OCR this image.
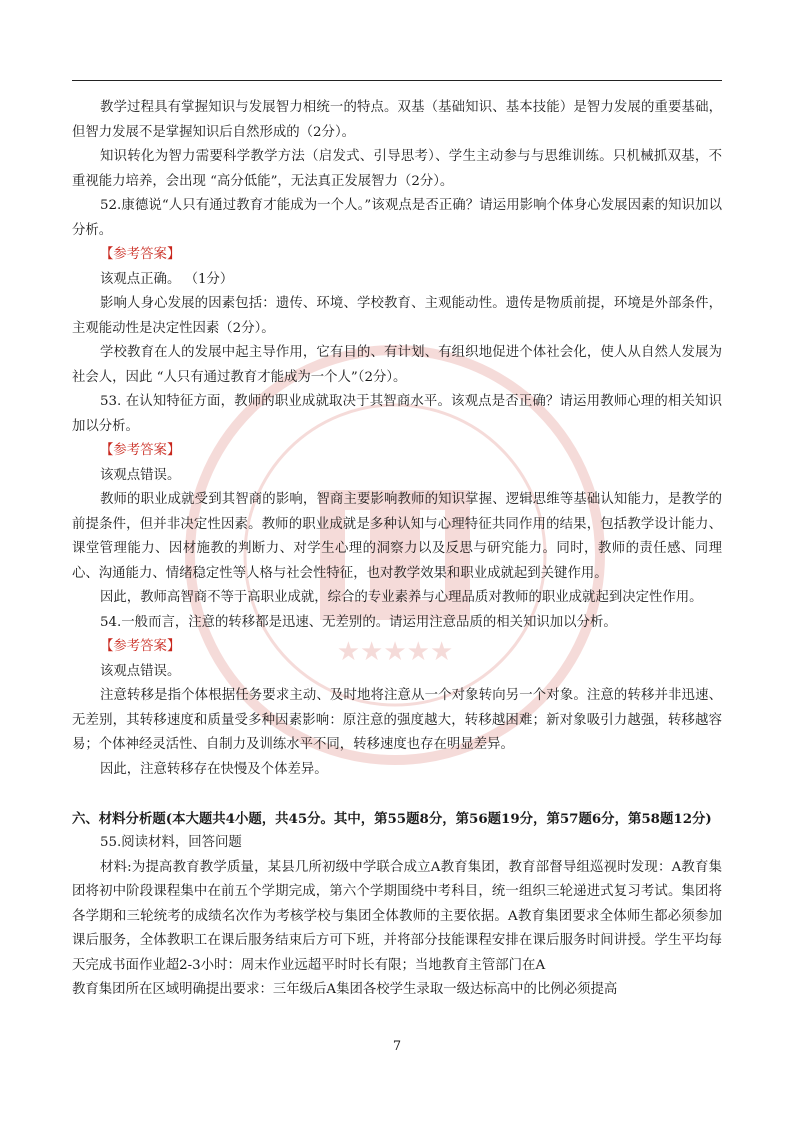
★★★★★

教学过程具有掌握知识与发展智力相统一的特点。双基（基础知识、基本技能）是智力发展的重要基础，但智力发展不是掌握知识后自然形成的（2分）。

知识转化为智力需要科学教学方法（启发式、引导思考）、学生主动参与与思维训练。只机械抓双基，不重视能力培养，会出现 “高分低能”，无法真正发展智力（2分）。

52.康德说“人只有通过教育才能成为一个人。”该观点是否正确？请运用影响个体身心发展因素的知识加以分析。

【参考答案】

该观点正确。 （1分）

影响人身心发展的因素包括：遗传、环境、学校教育、主观能动性。遗传是物质前提，环境是外部条件，主观能动性是决定性因素（2分）。

学校教育在人的发展中起主导作用，它有目的、有计划、有组织地促进个体社会化，使人从自然人发展为社会人，因此 “人只有通过教育才能成为一个人”（2分）。

53. 在认知特征方面，教师的职业成就取决于其智商水平。该观点是否正确？请运用教师心理的相关知识加以分析。

【参考答案】

该观点错误。

教师的职业成就受到其智商的影响，智商主要影响教师的知识掌握、逻辑思维等基础认知能力，是教学的前提条件，但并非决定性因素。教师的职业成就是多种认知与心理特征共同作用的结果，包括教学设计能力、课堂管理能力、因材施教的判断力、对学生心理的洞察力以及反思与研究能力。同时，教师的责任感、同理心、沟通能力、情绪稳定性等人格与社会性特征，也对教学效果和职业成就起到关键作用。

因此，教师高智商不等于高职业成就，综合的专业素养与心理品质对教师的职业成就起到决定性作用。

54.一般而言，注意的转移都是迅速、无差别的。请运用注意品质的相关知识加以分析。

【参考答案】

该观点错误。

注意转移是指个体根据任务要求主动、及时地将注意从一个对象转向另一个对象。注意的转移并非迅速、无差别，其转移速度和质量受多种因素影响：原注意的强度越大，转移越困难；新对象吸引力越强，转移越容易；个体神经灵活性、自制力及训练水平不同，转移速度也存在明显差异。

因此，注意转移存在快慢及个体差异。

六、材料分析题(本大题共4小题，共45分。其中，第55题8分，第56题19分，第57题6分，第58题12分)

55.阅读材料，回答问题

材料:为提高教育教学质量，某县几所初级中学联合成立A教育集团，教育部督导组巡视时发现：A教育集团将初中阶段课程集中在前五个学期完成，第六个学期围绕中考科目，统一组织三轮递进式复习考试。集团将各学期和三轮统考的成绩名次作为考核学校与集团全体教师的主要依据。A教育集团要求全体师生都必须参加课后服务，全体教职工在课后服务结束后方可下班，并将部分技能课程安排在课后服务时间讲授。学生平均每天完成书面作业超2-3小时：周末作业远超平时时长有限；当地教育主管部门在A

教育集团所在区域明确提出要求：三年级后A集团各校学生录取一级达标高中的比例必须提高

7
